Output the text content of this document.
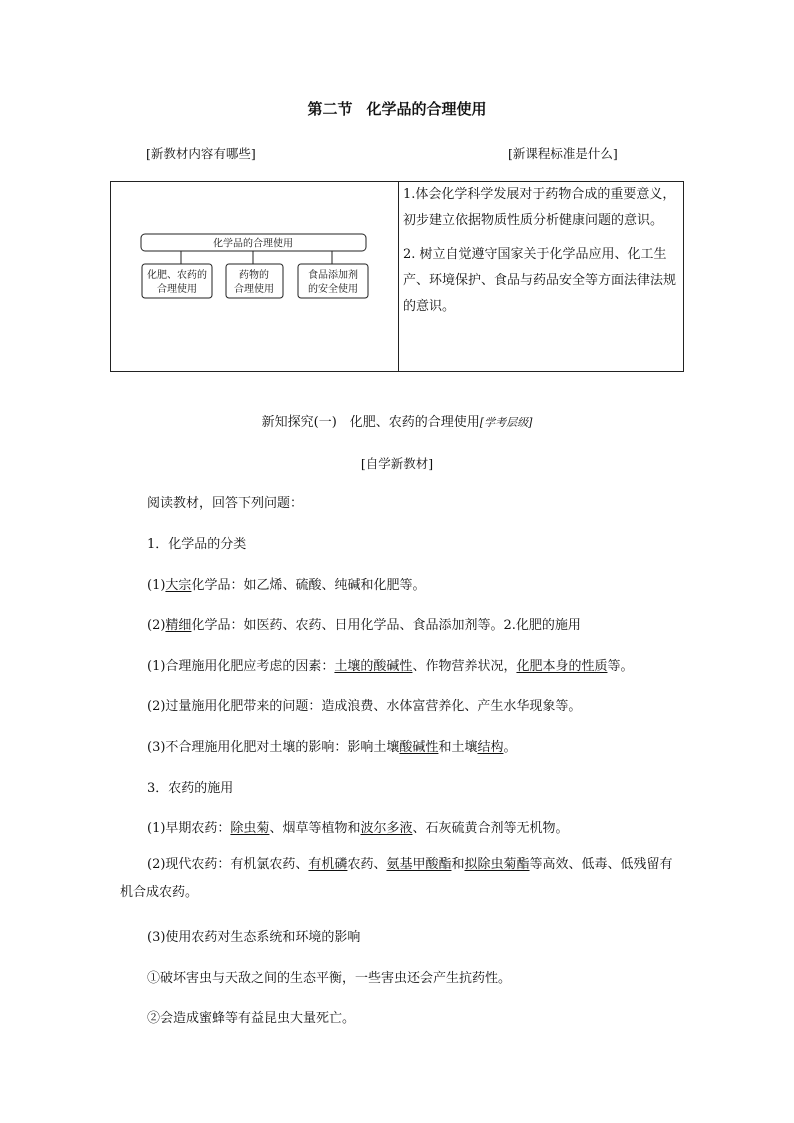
第二节 化学品的合理使用
[新教材内容有哪些]	[新课程标准是什么]
化学品的合理使用
化肥、农药的
合理使用
药物的
合理使用
食品添加剂
的安全使用

1.体会化学科学发展对于药物合成的重要意义，初步建立依据物质性质分析健康问题的意识。

2. 树立自觉遵守国家关于化学品应用、化工生产、环境保护、食品与药品安全等方面法律法规的意识。

新知探究(一)　化肥、农药的合理使用[学考层级]
[自学新教材]
阅读教材，回答下列问题：
1．化学品的分类
(1)大宗化学品：如乙烯、硫酸、纯碱和化肥等。
(2)精细化学品：如医药、农药、日用化学品、食品添加剂等。2.化肥的施用
(1)合理施用化肥应考虑的因素：土壤的酸碱性、作物营养状况，化肥本身的性质等。
(2)过量施用化肥带来的问题：造成浪费、水体富营养化、产生水华现象等。
(3)不合理施用化肥对土壤的影响：影响土壤酸碱性和土壤结构。
3．农药的施用
(1)早期农药：除虫菊、烟草等植物和波尔多液、石灰硫黄合剂等无机物。
(2)现代农药：有机氯农药、有机磷农药、氨基甲酸酯和拟除虫菊酯等高效、低毒、低残留有机合成农药。
(3)使用农药对生态系统和环境的影响
①破坏害虫与天敌之间的生态平衡，一些害虫还会产生抗药性。
②会造成蜜蜂等有益昆虫大量死亡。
